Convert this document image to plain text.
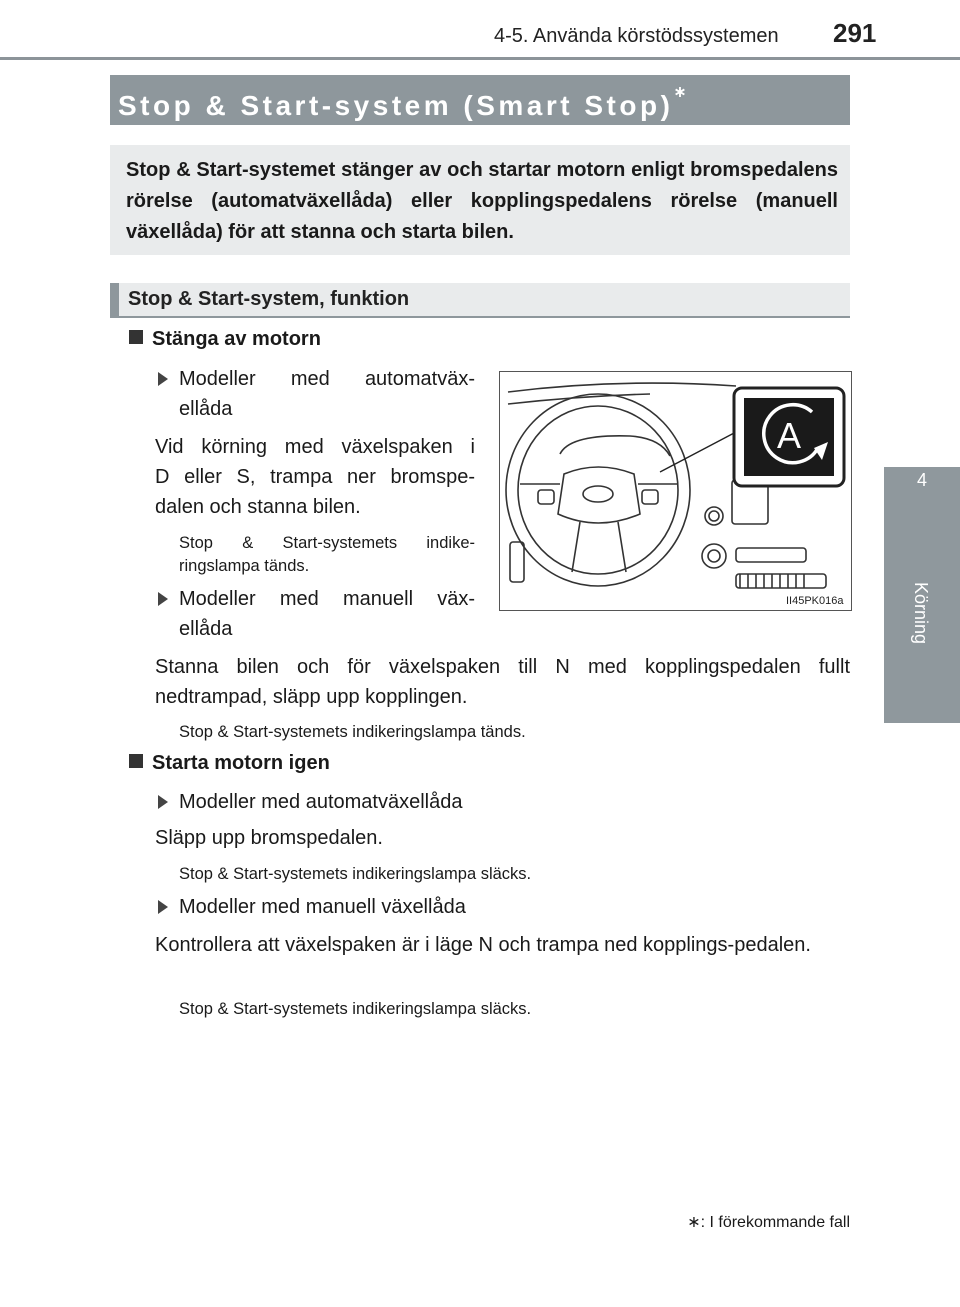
4-5. Använda körstödssystemen 291
4
Körning
Stop & Start-system (Smart Stop)∗
Stop & Start-systemet stänger av och startar motorn enligt bromspedalens rörelse (automatväxellåda) eller kopplingspedalens rörelse (manuell växellåda) för att stanna och starta bilen.
Stop & Start-system, funktion
Stänga av motorn
Modeller med automatväx-
ellåda
Vid körning med växelspaken i
D eller S, trampa ner bromspe-
dalen och stanna bilen.
Stop & Start-systemets indike-
ringslampa tänds.
Modeller med manuell väx-
ellåda
Stanna bilen och för växelspaken till N med kopplingspedalen fullt nedtrampad, släpp upp kopplingen.
Stop & Start-systemets indikeringslampa tänds.
Starta motorn igen
Modeller med automatväxellåda
Släpp upp bromspedalen.
Stop & Start-systemets indikeringslampa släcks.
Modeller med manuell växellåda
Kontrollera att växelspaken är i läge N och trampa ned kopplings-pedalen.
Stop & Start-systemets indikeringslampa släcks.
A
II45PK016a
∗: I förekommande fall
